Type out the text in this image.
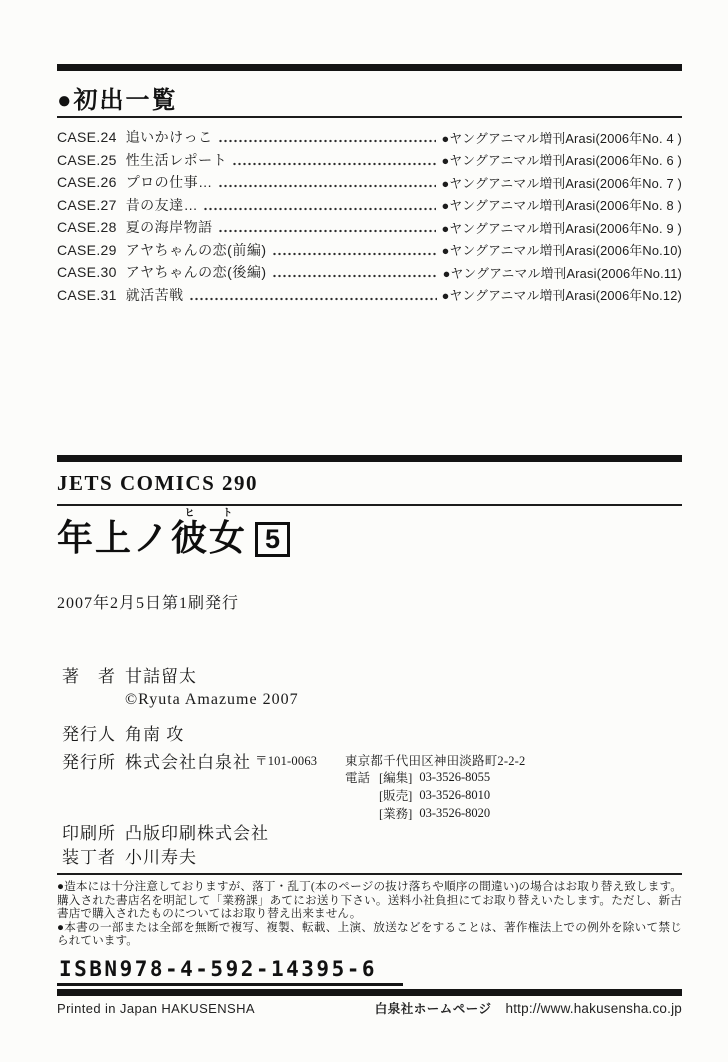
●初出一覧
CASE.24 追いかけっこ	●ヤングアニマル増刊Arasi(2006年No. 4 )
CASE.25 性生活レポート	●ヤングアニマル増刊Arasi(2006年No. 6 )
CASE.26 プロの仕事…	●ヤングアニマル増刊Arasi(2006年No. 7 )
CASE.27 昔の友達…	●ヤングアニマル増刊Arasi(2006年No. 8 )
CASE.28 夏の海岸物語	●ヤングアニマル増刊Arasi(2006年No. 9 )
CASE.29 アヤちゃんの恋(前編)	●ヤングアニマル増刊Arasi(2006年No.10)
CASE.30 アヤちゃんの恋(後編)	●ヤングアニマル増刊Arasi(2006年No.11)
CASE.31 就活苦戦	●ヤングアニマル増刊Arasi(2006年No.12)
JETS COMICS 290
年上ノ彼ヒ女ト5
2007年2月5日第1刷発行
著　者 甘詰留太
©Ryuta Amazume 2007
発行人 角南 攻
発行所 株式会社白泉社 〒101-0063 東京都千代田区神田淡路町2-2-2
電話 [編集] 03-3526-8055
[販売] 03-3526-8010
[業務] 03-3526-8020
印刷所 凸版印刷株式会社
装丁者 小川寿夫

●造本には十分注意しておりますが、落丁・乱丁(本のページの抜け落ちや順序の間違い)の場合はお取り替え致します。購入された書店名を明記して「業務課」あてにお送り下さい。送料小社負担にてお取り替えいたします。ただし、新古書店で購入されたものについてはお取り替え出来ません。

●本書の一部または全部を無断で複写、複製、転載、上演、放送などをすることは、著作権法上での例外を除いて禁じられています。

ISBN978-4-592-14395-6
Printed in Japan HAKUSENSHA	白泉社ホームページ http://www.hakusensha.co.jp
